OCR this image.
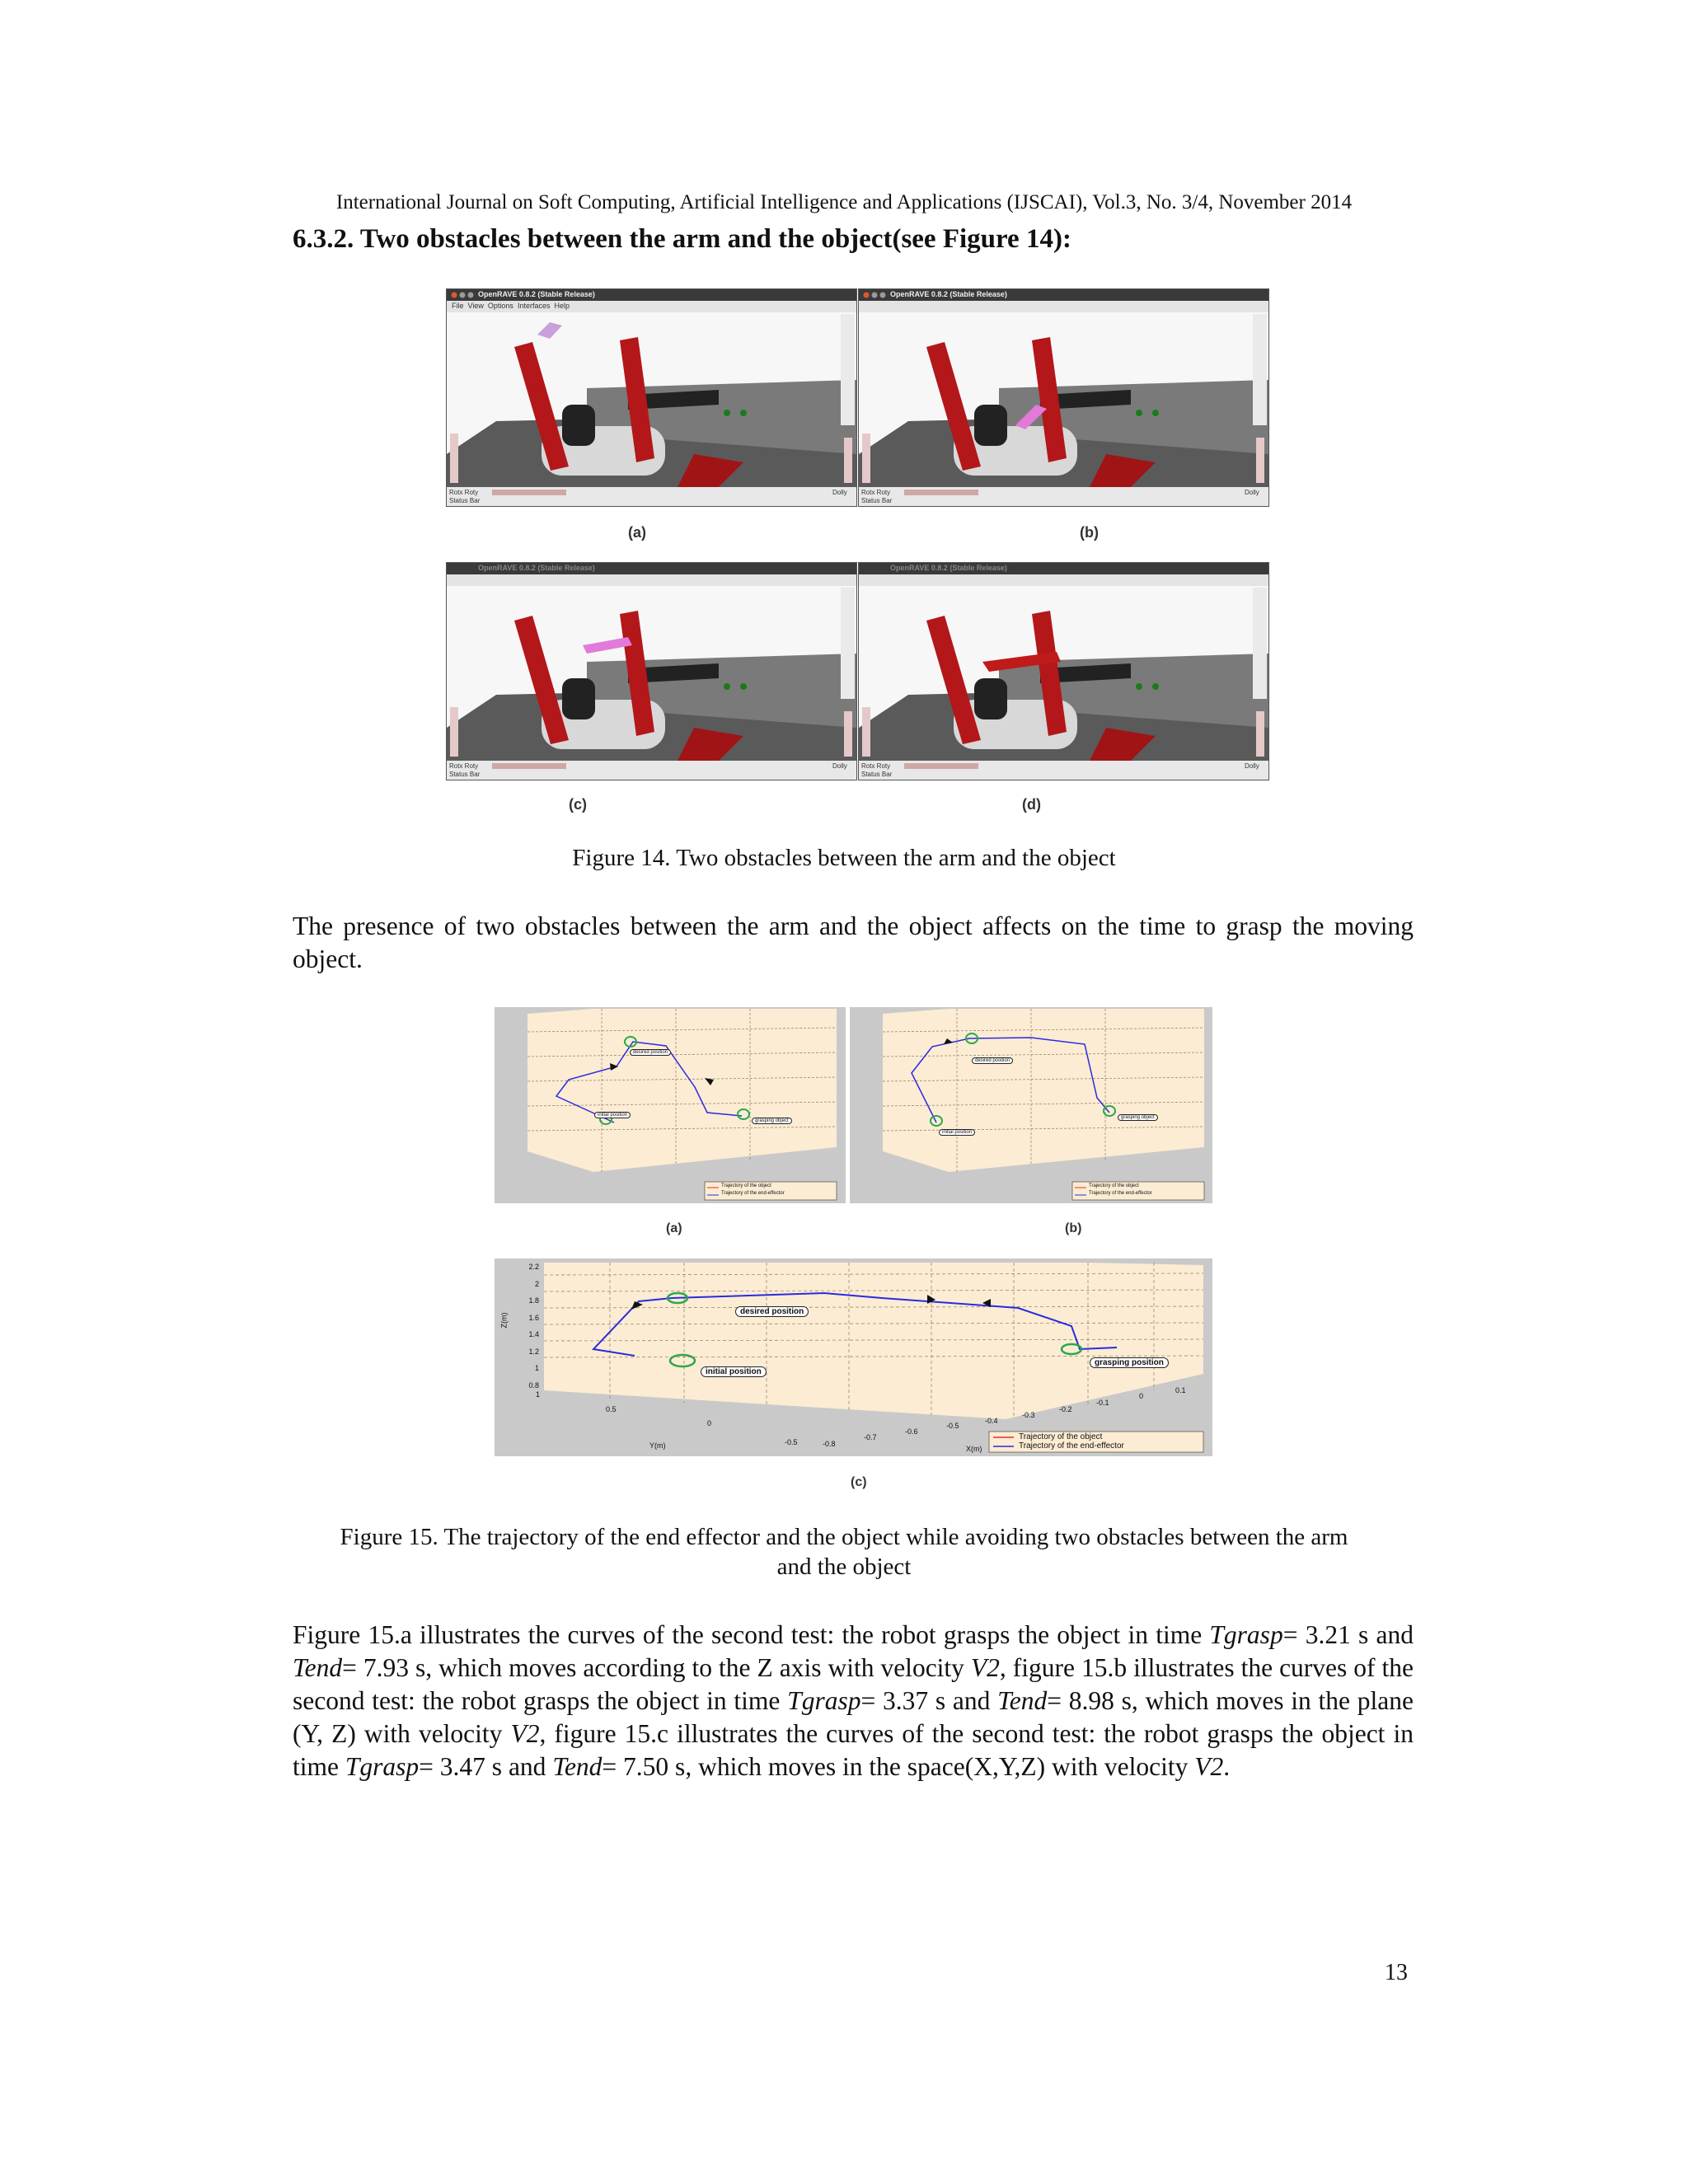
International Journal on Soft Computing, Artificial Intelligence and Applications (IJSCAI), Vol.3, No. 3/4, November 2014
6.3.2. Two obstacles between the arm and the object(see Figure 14):
OpenRAVE 0.8.2 (Stable Release)
File View Options Interfaces Help
Rotx Roty	Dolly
Status Bar
OpenRAVE 0.8.2 (Stable Release)
Rotx Roty	Dolly
Status Bar
(a)	(b)
OpenRAVE 0.8.2 (Stable Release)
Rotx Roty	Dolly
Status Bar
OpenRAVE 0.8.2 (Stable Release)
Rotx Roty	Dolly
Status Bar
(c)	(d)
Figure 14. Two obstacles between the arm and the object
The presence of two obstacles between the arm and the object affects on the time to grasp the moving object.
desired position
initial position
grasping object
Trajectory of the object
Trajectory of the end-effector
desired position
initial position
grasping object
Trajectory of the object
Trajectory of the end-effector
(a)	(b)
desired position
initial position
grasping position
Trajectory of the object
Trajectory of the end-effector
Y(m)	X(m)
Z(m)
2.2
2
1.8
1.6
1.4
1.2
1
0.8
1
0.5
0
-0.5	-0.8
-0.7
-0.6
-0.5
-0.4
-0.3
-0.2
-0.1
0
0.1
(c)
Figure 15. The trajectory of the end effector and the object while avoiding two obstacles between the arm
and the object
Figure 15.a illustrates the curves of the second test: the robot grasps the object in time Tgrasp= 3.21 s and Tend= 7.93 s, which moves according to the Z axis with velocity V2, figure 15.b illustrates the curves of the second test: the robot grasps the object in time Tgrasp= 3.37 s and Tend= 8.98 s, which moves in the plane (Y, Z) with velocity V2, figure 15.c illustrates the curves of the second test: the robot grasps the object in time Tgrasp= 3.47 s and Tend= 7.50 s, which moves in the space(X,Y,Z) with velocity V2.
13
